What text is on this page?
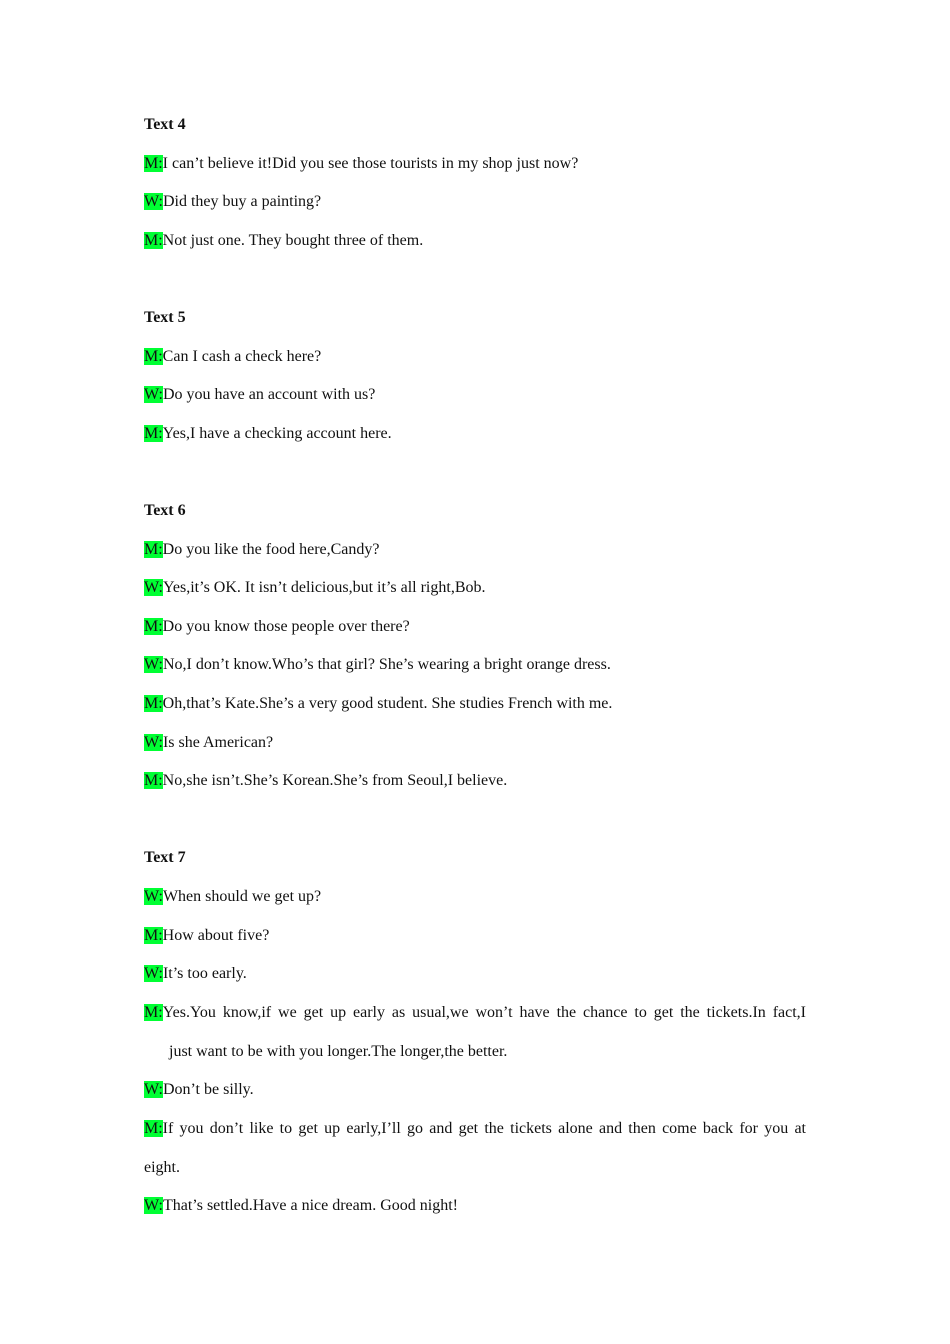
Text 4
M:I can’t believe it!Did you see those tourists in my shop just now?
W:Did they buy a painting?
M:Not just one. They bought three of them.
Text 5
M:Can I cash a check here?
W:Do you have an account with us?
M:Yes,I have a checking account here.
Text 6
M:Do you like the food here,Candy?
W:Yes,it’s OK. It isn’t delicious,but it’s all right,Bob.
M:Do you know those people over there?
W:No,I don’t know.Who’s that girl? She’s wearing a bright orange dress.
M:Oh,that’s Kate.She’s a very good student. She studies French with me.
W:Is she American?
M:No,she isn’t.She’s Korean.She’s from Seoul,I believe.
Text 7
W:When should we get up?
M:How about five?
W:It’s too early.
M:Yes.You know,if we get up early as usual,we won’t have the chance to get the tickets.In fact,I
just want to be with you longer.The longer,the better.
W:Don’t be silly.
M:If you don’t like to get up early,I’ll go and get the tickets alone and then come back for you at
eight.
W:That’s settled.Have a nice dream. Good night!
